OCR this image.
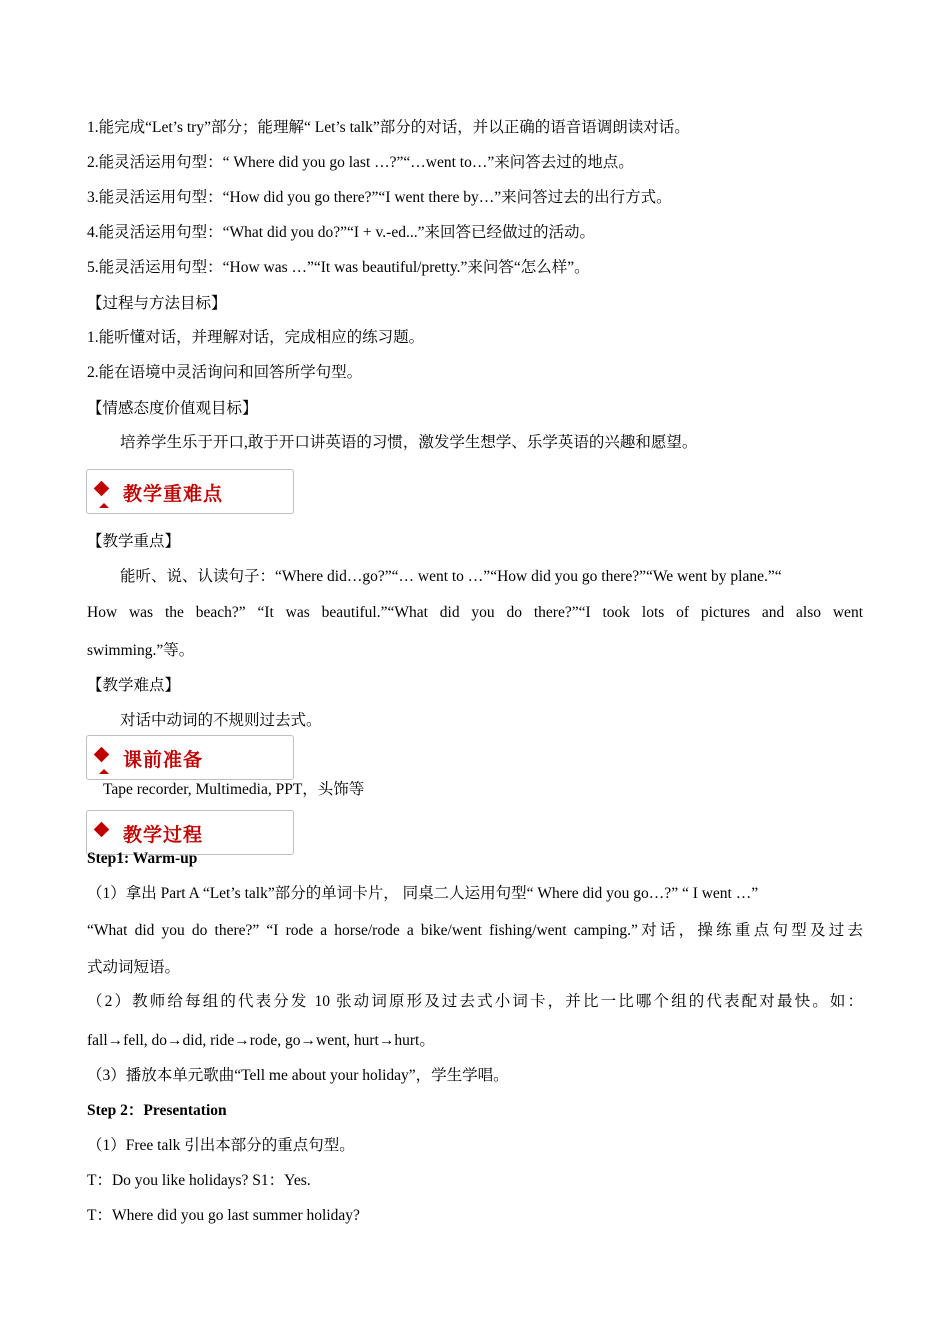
1.能完成“Let’s try”部分；能理解“ Let’s talk”部分的对话，并以正确的语音语调朗读对话。
2.能灵活运用句型：“ Where did you go last …?”“…went to…”来问答去过的地点。
3.能灵活运用句型：“How did you go there?”“I went there by…”来问答过去的出行方式。
4.能灵活运用句型：“What did you do?”“I + v.-ed...”来回答已经做过的活动。
5.能灵活运用句型：“How was …”“It was beautiful/pretty.”来问答“怎么样”。
【过程与方法目标】
1.能听懂对话，并理解对话，完成相应的练习题。
2.能在语境中灵活询问和回答所学句型。
【情感态度价值观目标】
培养学生乐于开口,敢于开口讲英语的习惯，激发学生想学、乐学英语的兴趣和愿望。
教学重难点
【教学重点】
能听、说、认读句子：“Where did…go?”“… went to …”“How did you go there?”“We went by plane.”“
How was the beach?” “It was beautiful.”“What did you do there?”“I took lots of pictures and also went
swimming.”等。
【教学难点】
对话中动词的不规则过去式。
课前准备
Tape recorder, Multimedia, PPT，头饰等
教学过程
Step1: Warm-up
（1）拿出 Part A “Let’s talk”部分的单词卡片， 同桌二人运用句型“ Where did you go…?” “ I went …”
“What did you do there?” “I rode a horse/rode a bike/went fishing/went camping.”对话，操练重点句型及过去
式动词短语。
（2）教师给每组的代表分发 10 张动词原形及过去式小词卡，并比一比哪个组的代表配对最快。如：
fall→fell, do→did, ride→rode, go→went, hurt→hurt。
（3）播放本单元歌曲“Tell me about your holiday”，学生学唱。
Step 2：Presentation
（1）Free talk 引出本部分的重点句型。
T：Do you like holidays? S1：Yes.
T：Where did you go last summer holiday?
